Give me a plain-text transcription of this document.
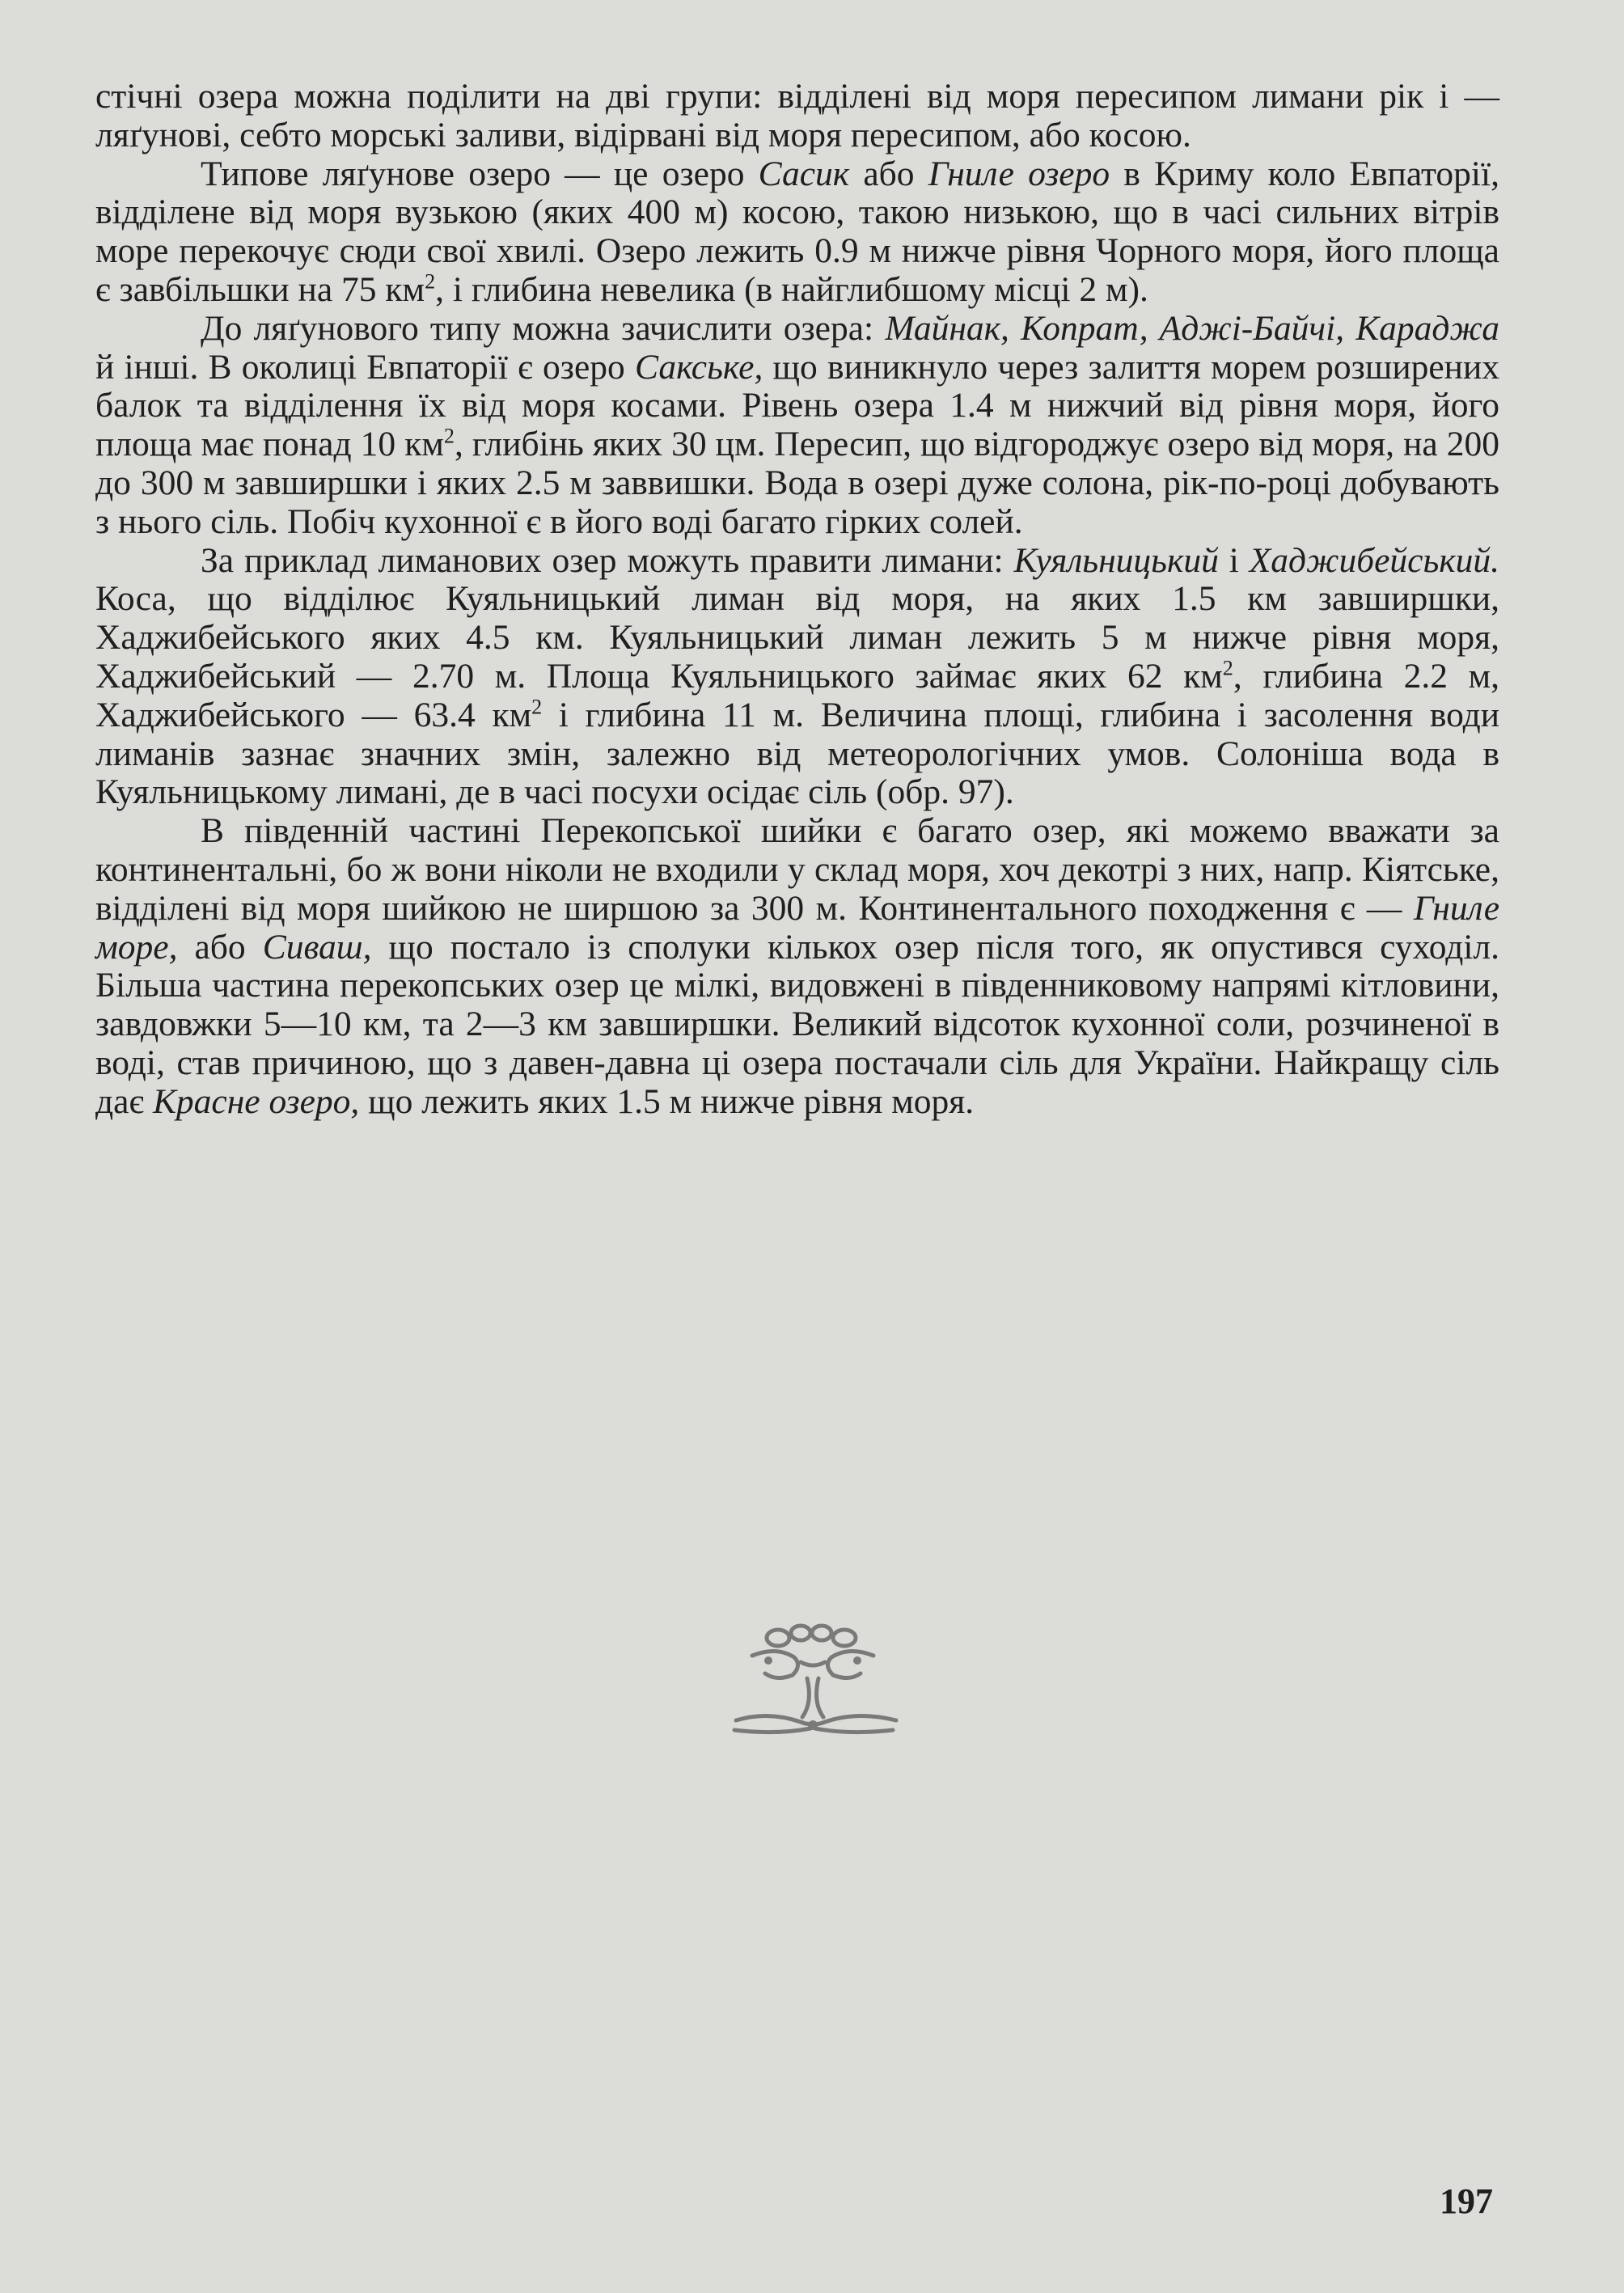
стічні озера можна поділити на дві групи: відділені від моря пересипом лимани рік і — ляґунові, себто морські заливи, відірвані від моря пересипом, або косою.

Типове ляґунове озеро — це озеро Сасик або Гниле озеро в Криму коло Евпаторії, відділене від моря вузькою (яких 400 м) косою, такою низькою, що в часі сильних вітрів море перекочує сюди свої хвилі. Озеро лежить 0.9 м нижче рівня Чорного моря, його площа є завбільшки на 75 $км^2$, і глибина невелика (в найглибшому місці 2 м).

До ляґунового типу можна зачислити озера: Майнак, Копрат, Аджі-Байчі, Караджа й інші. В околиці Евпаторії є озеро Сакське, що виникнуло через залиття морем розширених балок та відділення їх від моря косами. Рівень озера 1.4 м нижчий від рівня моря, його площа має понад 10 $км^2$, глибінь яких 30 цм. Пересип, що відгороджує озеро від моря, на 200 до 300 м завширшки і яких 2.5 м заввишки. Вода в озері дуже солона, рік-по-році добувають з нього сіль. Побіч кухонної є в його воді багато гірких солей.

За приклад лиманових озер можуть правити лимани: Куяльницький і Хаджибейський. Коса, що відділює Куяльницький лиман від моря, на яких 1.5 км завширшки, Хаджибейського яких 4.5 км. Куяльницький лиман лежить 5 м нижче рівня моря, Хаджибейський — 2.70 м. Площа Куяльницького займає яких 62 $км^2$, глибина 2.2 м, Хаджибейського — 63.4 $км^2$ і глибина 11 м. Величина площі, глибина і засолення води лиманів зазнає значних змін, залежно від метеорологічних умов. Солоніша вода в Куяльницькому лимані, де в часі посухи осідає сіль (обр. 97).

В південній частині Перекопської шийки є багато озер, які можемо вважати за континентальні, бо ж вони ніколи не входили у склад моря, хоч декотрі з них, напр. Кіятське, відділені від моря шийкою не ширшою за 300 м. Континентального походження є — Гниле море, або Сиваш, що постало із сполуки кількох озер після того, як опустився суходіл. Більша частина перекопських озер це мілкі, видовжені в південниковому напрямі кітловини, завдовжки 5—10 км, та 2—3 км завширшки. Великий відсоток кухонної соли, розчиненої в воді, став причиною, що з давен-давна ці озера постачали сіль для України. Найкращу сіль дає Красне озеро, що лежить яких 1.5 м нижче рівня моря.

197
